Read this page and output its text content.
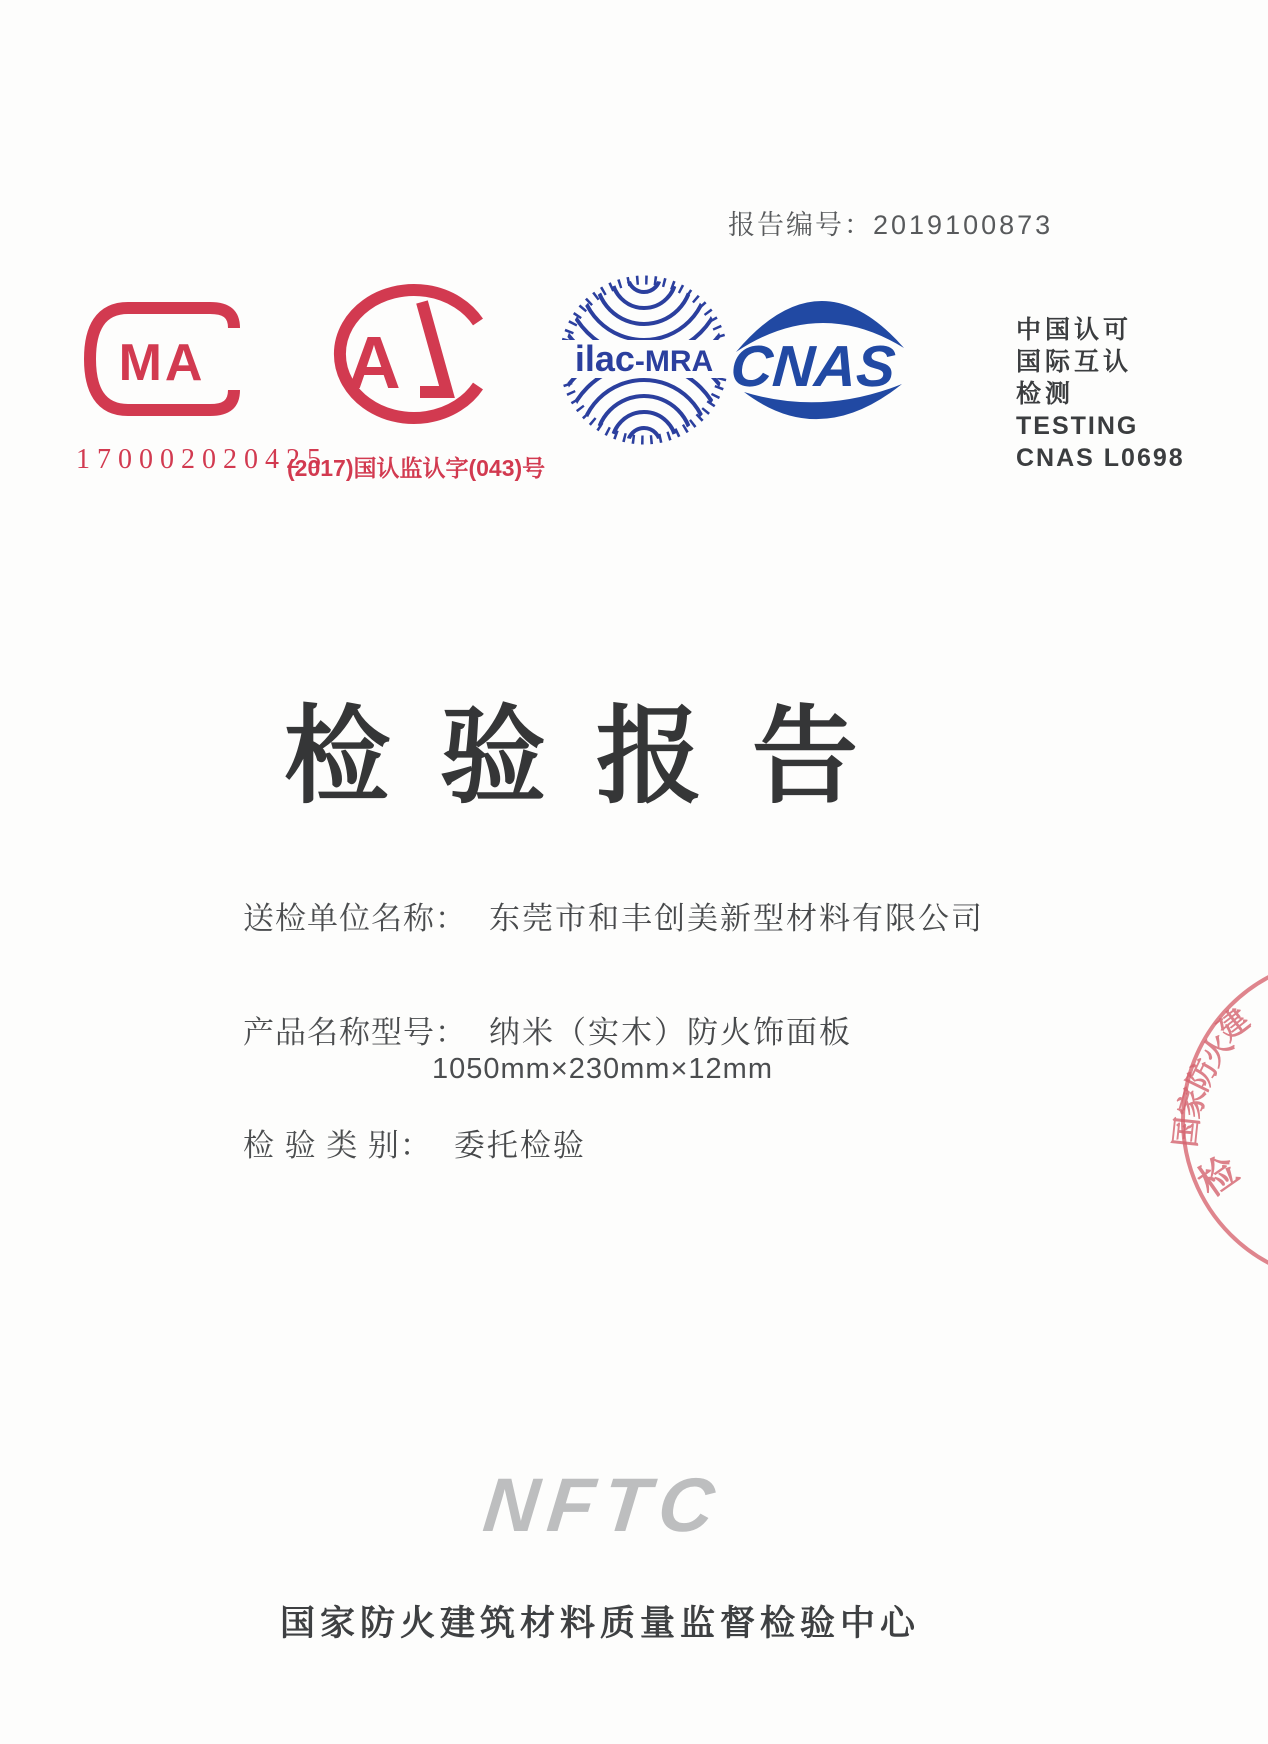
报告编号：2019100873
MA
170002020425
A
(2017)国认监认字(043)号
ilac-MRA CNAS
中国认可
国际互认
检测
TESTING
CNAS L0698
检验报告
送检单位名称： 东莞市和丰创美新型材料有限公司
产品名称型号： 纳米（实木）防火饰面板
1050mm×230mm×12mm
检 验 类 别： 委托检验
建
火
防
家
国
检
NFTC
国家防火建筑材料质量监督检验中心
